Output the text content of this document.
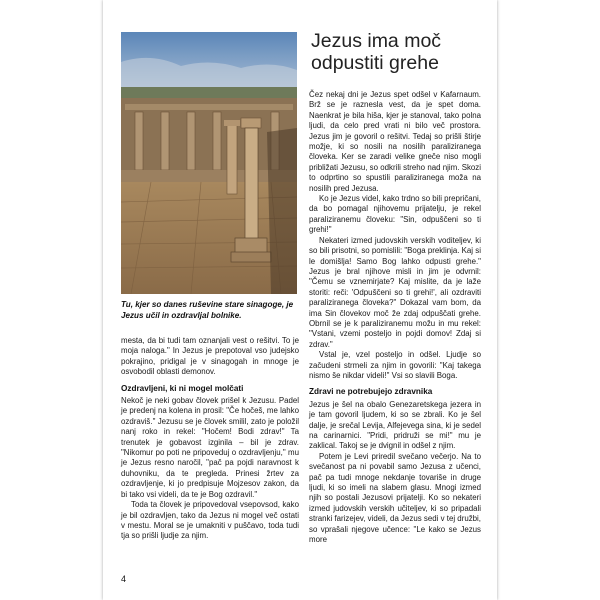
Tu, kjer so danes ruševine stare sinagoge, je Jezus učil in ozdravljal bolnike.
Jezus ima moč odpustiti grehe

mesta, da bi tudi tam oznanjali vest o rešitvi. To je moja naloga." In Jezus je prepotoval vso judejsko pokrajino, pridigal je v sinagogah in mnoge je osvobodil oblasti demonov.

Ozdravljeni, ki ni mogel molčati

Nekoč je neki gobav človek prišel k Jezusu. Padel je predenj na kolena in prosil: "Če hočeš, me lahko ozdraviš." Jezusu se je človek smilil, zato je položil nanj roko in rekel: "Hočem! Bodi zdrav!" Ta trenutek je gobavost izginila – bil je zdrav. "Nikomur po poti ne pripoveduj o ozdravljenju," mu je Jezus resno naročil, "pač pa pojdi naravnost k duhovniku, da te pregleda. Prinesi žrtev za ozdravljenje, ki jo predpisuje Mojzesov zakon, da bi tako vsi videli, da te je Bog ozdravil."

Toda ta človek je pripovedoval vsepovsod, kako je bil ozdravljen, tako da Jezus ni mogel več ostati v mestu. Moral se je umakniti v puščavo, toda tudi tja so prišli ljudje za njim.

Čez nekaj dni je Jezus spet odšel v Kafarnaum. Brž se je raznesla vest, da je spet doma. Naenkrat je bila hiša, kjer je stanoval, tako polna ljudi, da celo pred vrati ni bilo več prostora. Jezus jim je govoril o rešitvi. Tedaj so prišli štirje možje, ki so nosili na nosilih paraliziranega človeka. Ker se zaradi velike gneče niso mogli približati Jezusu, so odkrili streho nad njim. Skozi to odprtino so spustili paraliziranega moža na nosilih pred Jezusa.

Ko je Jezus videl, kako trdno so bili prepričani, da bo pomagal njihovemu prijatelju, je rekel paraliziranemu človeku: "Sin, odpuščeni so ti grehi!"

Nekateri izmed judovskih verskih voditeljev, ki so bili prisotni, so pomislili: "Boga preklinja. Kaj si le domišlja! Samo Bog lahko odpusti grehe." Jezus je bral njihove misli in jim je odvrnil: "Čemu se vznemirjate? Kaj mislite, da je laže storiti: reči: 'Odpuščeni so ti grehi!', ali ozdraviti paraliziranega človeka?" Dokazal vam bom, da ima Sin človekov moč že zdaj odpuščati grehe. Obrnil se je k paraliziranemu možu in mu rekel: "Vstani, vzemi posteljo in pojdi domov! Zdaj si zdrav."

Vstal je, vzel posteljo in odšel. Ljudje so začudeni strmeli za njim in govorili: "Kaj takega nismo še nikdar videli!" Vsi so slavili Boga.

Zdravi ne potrebujejo zdravnika

Jezus je šel na obalo Genezaretskega jezera in je tam govoril ljudem, ki so se zbrali. Ko je šel dalje, je srečal Levija, Alfejevega sina, ki je sedel na carinarnici. "Pridi, pridruži se mi!" mu je zaklical. Takoj se je dvignil in odšel z njim.

Potem je Levi priredil svečano večerjo. Na to svečanost pa ni povabil samo Jezusa z učenci, pač pa tudi mnoge nekdanje tovariše in druge ljudi, ki so imeli na slabem glasu. Mnogi izmed njih so postali Jezusovi prijatelji. Ko so nekateri izmed judovskih verskih učiteljev, ki so pripadali stranki farizejev, videli, da Jezus sedi v tej družbi, so vprašali njegove učence: "Le kako se Jezus more

4
